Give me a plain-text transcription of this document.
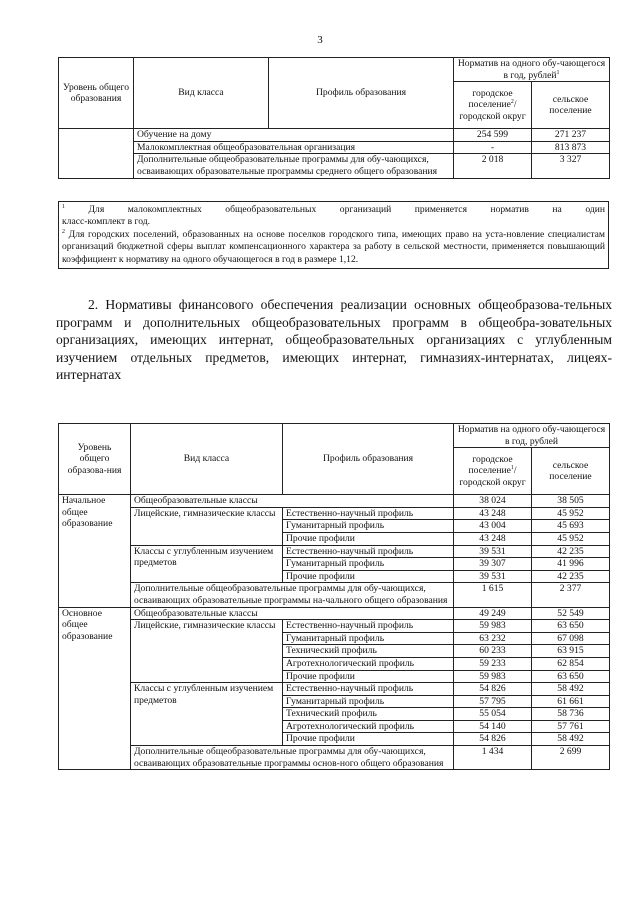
3
Уровень общего образования	Вид класса	Профиль образования	Норматив на одного обу-чающегося в год, рублей$^1$
			городское поселение$^2$/ городской округ	сельское поселение
	Обучение на дому		254 599	271 237
	Малокомплектная общеобразовательная организация		-	813 873
	Дополнительные общеобразовательные программы для обу-чающихся, осваивающих образовательные программы среднего общего образования		2 018	3 327

$^1$ Для малокомплектных общеобразовательных организаций применяется норматив на один

класс-комплект в год.

$^2$ Для городских поселений, образованных на основе поселков городского типа, имеющих право на уста-новление специалистам организаций бюджетной сферы выплат компенсационного характера за работу в сельской местности, применяется повышающий коэффициент к нормативу на одного обучающегося в год в размере 1,12.

2. Нормативы финансового обеспечения реализации основных общеобразова-тельных программ и дополнительных общеобразовательных программ в общеобра-зовательных организациях, имеющих интернат, общеобразовательных организациях с углубленным изучением отдельных предметов, имеющих интернат, гимназиях-интернатах, лицеях-интернатах

Уровень общего образова-ния	Вид класса	Профиль образования	Норматив на одного обу-чающегося в год, рублей	
			городское поселение$^1$/ городской округ	сельское поселение
Начальное общее образование	Общеобразовательные классы		38 024	38 505
	Лицейские, гимназические классы	Естественно-научный профиль	43 248	45 952
		Гуманитарный профиль	43 004	45 693
		Прочие профили	43 248	45 952
	Классы с углубленным изучением предметов	Естественно-научный профиль	39 531	42 235
		Гуманитарный профиль	39 307	41 996
		Прочие профили	39 531	42 235
	Дополнительные общеобразовательные программы для обу-чающихся, осваивающих образовательные программы на-чального общего образования		1 615	2 377
Основное общее образование	Общеобразовательные классы		49 249	52 549
	Лицейские, гимназические классы	Естественно-научный профиль	59 983	63 650
		Гуманитарный профиль	63 232	67 098
		Технический профиль	60 233	63 915
		Агротехнологический профиль	59 233	62 854
		Прочие профили	59 983	63 650
	Классы с углубленным изучением предметов	Естественно-научный профиль	54 826	58 492
		Гуманитарный профиль	57 795	61 661
		Технический профиль	55 054	58 736
		Агротехнологический профиль	54 140	57 761
		Прочие профили	54 826	58 492
	Дополнительные общеобразовательные программы для обу-чающихся, осваивающих образовательные программы основ-ного общего образования		1 434	2 699
